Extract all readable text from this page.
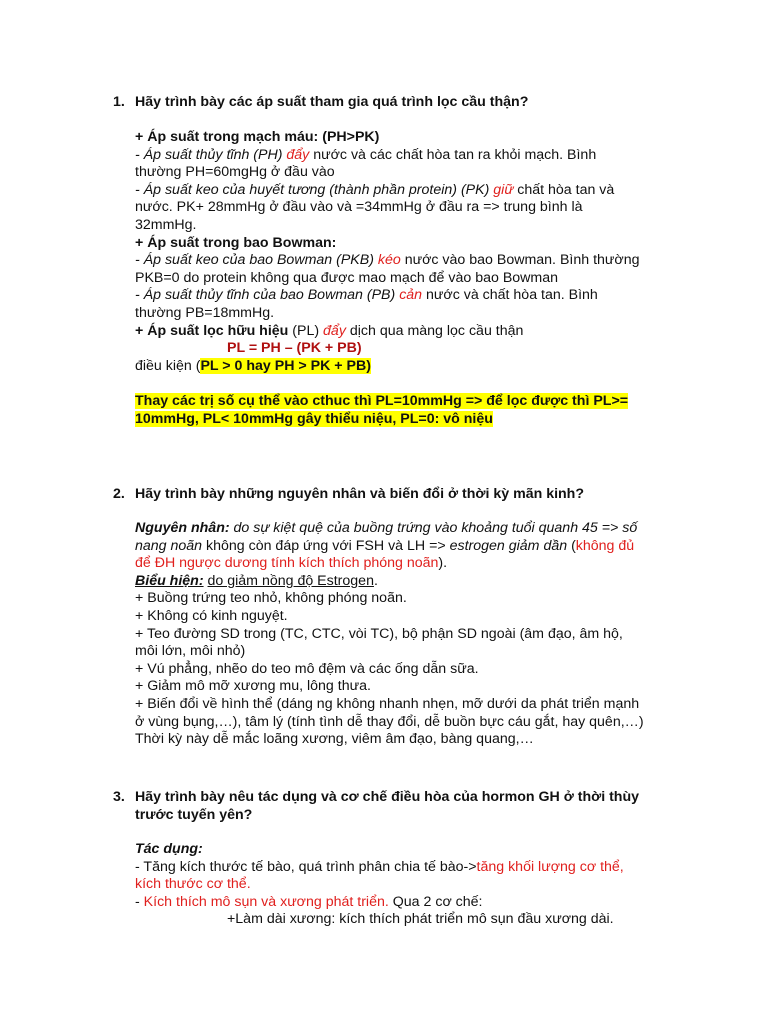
1. Hãy trình bày các áp suất tham gia quá trình lọc cầu thận?
+ Áp suất trong mạch máu: (PH>PK)
- Áp suất thủy tĩnh (PH) đẩy nước và các chất hòa tan ra khỏi mạch. Bình
thường PH=60mgHg ở đầu vào
- Áp suất keo của huyết tương (thành phần protein) (PK) giữ chất hòa tan và
nước. PK+ 28mmHg ở đầu vào và =34mmHg ở đầu ra => trung bình là
32mmHg.
+ Áp suất trong bao Bowman:
- Áp suất keo của bao Bowman (PKB) kéo nước vào bao Bowman. Bình thường
PKB=0 do protein không qua được mao mạch để vào bao Bowman
- Áp suất thủy tĩnh của bao Bowman (PB) cản nước và chất hòa tan. Bình
thường PB=18mmHg.
+ Áp suất lọc hữu hiệu (PL) đẩy dịch qua màng lọc cầu thận
PL = PH – (PK + PB)
điều kiện (PL > 0 hay PH > PK + PB)
Thay các trị số cụ thể vào cthuc thì PL=10mmHg => để lọc được thì PL>=
10mmHg, PL< 10mmHg gây thiểu niệu, PL=0: vô niệu
2. Hãy trình bày những nguyên nhân và biến đổi ở thời kỳ mãn kinh?
Nguyên nhân: do sự kiệt quệ của buồng trứng vào khoảng tuổi quanh 45 => số
nang noãn không còn đáp ứng với FSH và LH => estrogen giảm dần (không đủ
để ĐH ngược dương tính kích thích phóng noãn).
Biểu hiện: do giảm nồng độ Estrogen.
+ Buồng trứng teo nhỏ, không phóng noãn.
+ Không có kinh nguyệt.
+ Teo đường SD trong (TC, CTC, vòi TC), bộ phận SD ngoài (âm đạo, âm hộ,
môi lớn, môi nhỏ)
+ Vú phẳng, nhẽo do teo mô đệm và các ống dẫn sữa.
+ Giảm mô mỡ xương mu, lông thưa.
+ Biến đổi về hình thể (dáng ng không nhanh nhẹn, mỡ dưới da phát triển mạnh
ở vùng bụng,…), tâm lý (tính tình dễ thay đổi, dễ buồn bực cáu gắt, hay quên,…)
Thời kỳ này dễ mắc loãng xương, viêm âm đạo, bàng quang,…
3. Hãy trình bày nêu tác dụng và cơ chế điều hòa của hormon GH ở thời thùy
trước tuyến yên?
Tác dụng:
- Tăng kích thước tế bào, quá trình phân chia tế bào->tăng khối lượng cơ thể,
kích thước cơ thể.
- Kích thích mô sụn và xương phát triển. Qua 2 cơ chế:
+Làm dài xương: kích thích phát triển mô sụn đầu xương dài.
